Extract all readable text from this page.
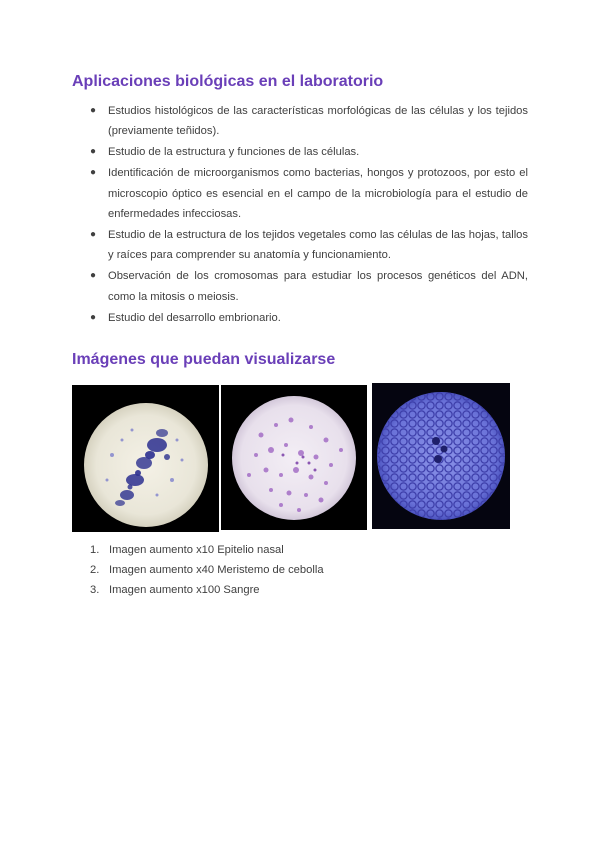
Aplicaciones biológicas en el laboratorio
● Estudios histológicos de las características morfológicas de las células y los tejidos (previamente teñidos).
● Estudio de la estructura y funciones de las células.
● Identificación de microorganismos como bacterias, hongos y protozoos, por esto el microscopio óptico es esencial en el campo de la microbiología para el estudio de enfermedades infecciosas.
● Estudio de la estructura de los tejidos vegetales como las células de las hojas, tallos y raíces para comprender su anatomía y funcionamiento.
● Observación de los cromosomas para estudiar los procesos genéticos del ADN, como la mitosis o meiosis.
● Estudio del desarrollo embrionario.
Imágenes que puedan visualizarse
1. Imagen aumento x10 Epitelio nasal
2. Imagen aumento x40 Meristemo de cebolla
3. Imagen aumento x100 Sangre
